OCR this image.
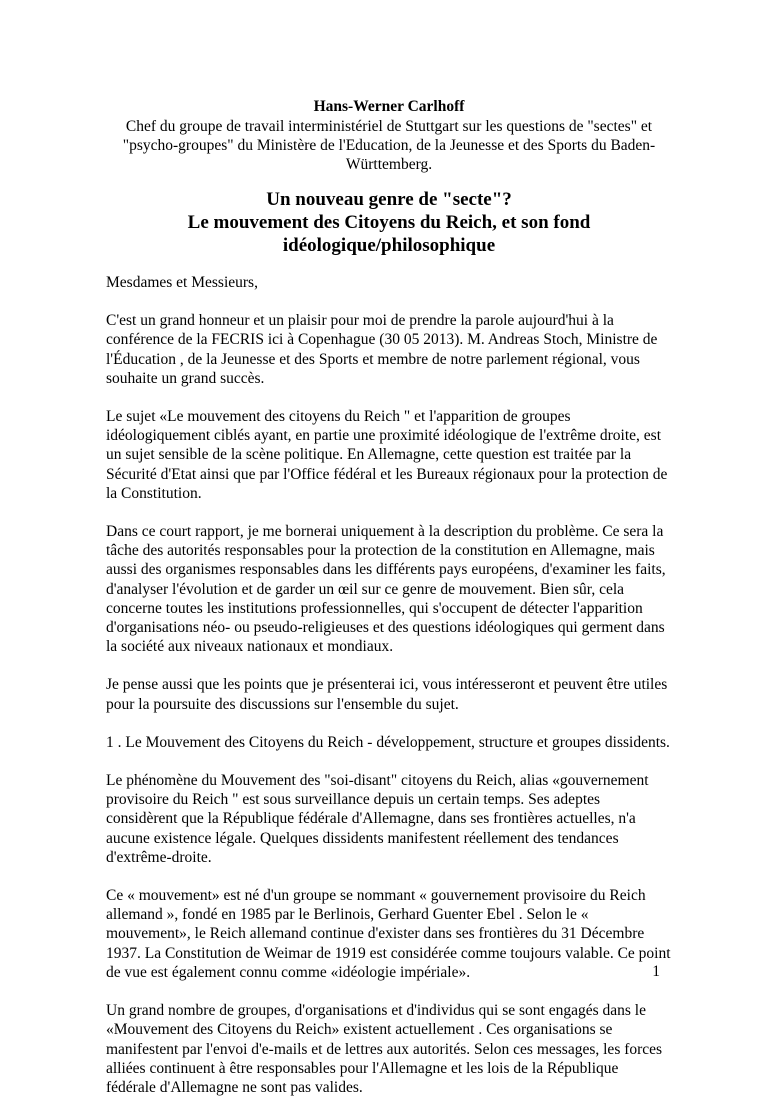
Hans-Werner Carlhoff

Chef du groupe de travail interministériel de Stuttgart sur les questions de "sectes" et "psycho-groupes" du Ministère de l'Education, de la Jeunesse et des Sports du Baden-Württemberg.

Un nouveau genre de "secte"?
Le mouvement des Citoyens du Reich, et son fond
idéologique/philosophique

Mesdames et Messieurs,

C'est un grand honneur et un plaisir pour moi de prendre la parole aujourd'hui à la conférence de la FECRIS ici à Copenhague (30 05 2013). M. Andreas Stoch, Ministre de l'Éducation , de la Jeunesse et des Sports et membre de notre parlement régional, vous souhaite un grand succès.

Le sujet «Le mouvement des citoyens du Reich " et l'apparition de groupes idéologiquement ciblés ayant, en partie une proximité idéologique de l'extrême droite, est un sujet sensible de la scène politique. En Allemagne, cette question est traitée par la Sécurité d'Etat ainsi que par l'Office fédéral et les Bureaux régionaux pour la protection de la Constitution.

Dans ce court rapport, je me bornerai uniquement à la description du problème. Ce sera la tâche des autorités responsables pour la protection de la constitution en Allemagne, mais aussi des organismes responsables dans les différents pays européens, d'examiner les faits, d'analyser l'évolution et de garder un œil sur ce genre de mouvement. Bien sûr, cela concerne toutes les institutions professionnelles, qui s'occupent de détecter l'apparition d'organisations néo- ou pseudo-religieuses et des questions idéologiques qui germent dans la société aux niveaux nationaux et mondiaux.

Je pense aussi que les points que je présenterai ici, vous intéresseront et peuvent être utiles pour la poursuite des discussions sur l'ensemble du sujet.

1 . Le Mouvement des Citoyens du Reich - développement, structure et groupes dissidents.

Le phénomène du Mouvement des "soi-disant" citoyens du Reich, alias «gouvernement provisoire du Reich " est sous surveillance depuis un certain temps. Ses adeptes considèrent que la République fédérale d'Allemagne, dans ses frontières actuelles, n'a aucune existence légale. Quelques dissidents manifestent réellement des tendances d'extrême-droite.

Ce « mouvement» est né d'un groupe se nommant « gouvernement provisoire du Reich allemand », fondé en 1985 par le Berlinois, Gerhard Guenter Ebel . Selon le « mouvement», le Reich allemand continue d'exister dans ses frontières du 31 Décembre 1937. La Constitution de Weimar de 1919 est considérée comme toujours valable. Ce point de vue est également connu comme «idéologie impériale».

Un grand nombre de groupes, d'organisations et d'individus qui se sont engagés dans le «Mouvement des Citoyens du Reich» existent actuellement . Ces organisations se manifestent par l'envoi d'e-mails et de lettres aux autorités. Selon ces messages, les forces alliées continuent à être responsables pour l'Allemagne et les lois de la République fédérale d'Allemagne ne sont pas valides.

1
